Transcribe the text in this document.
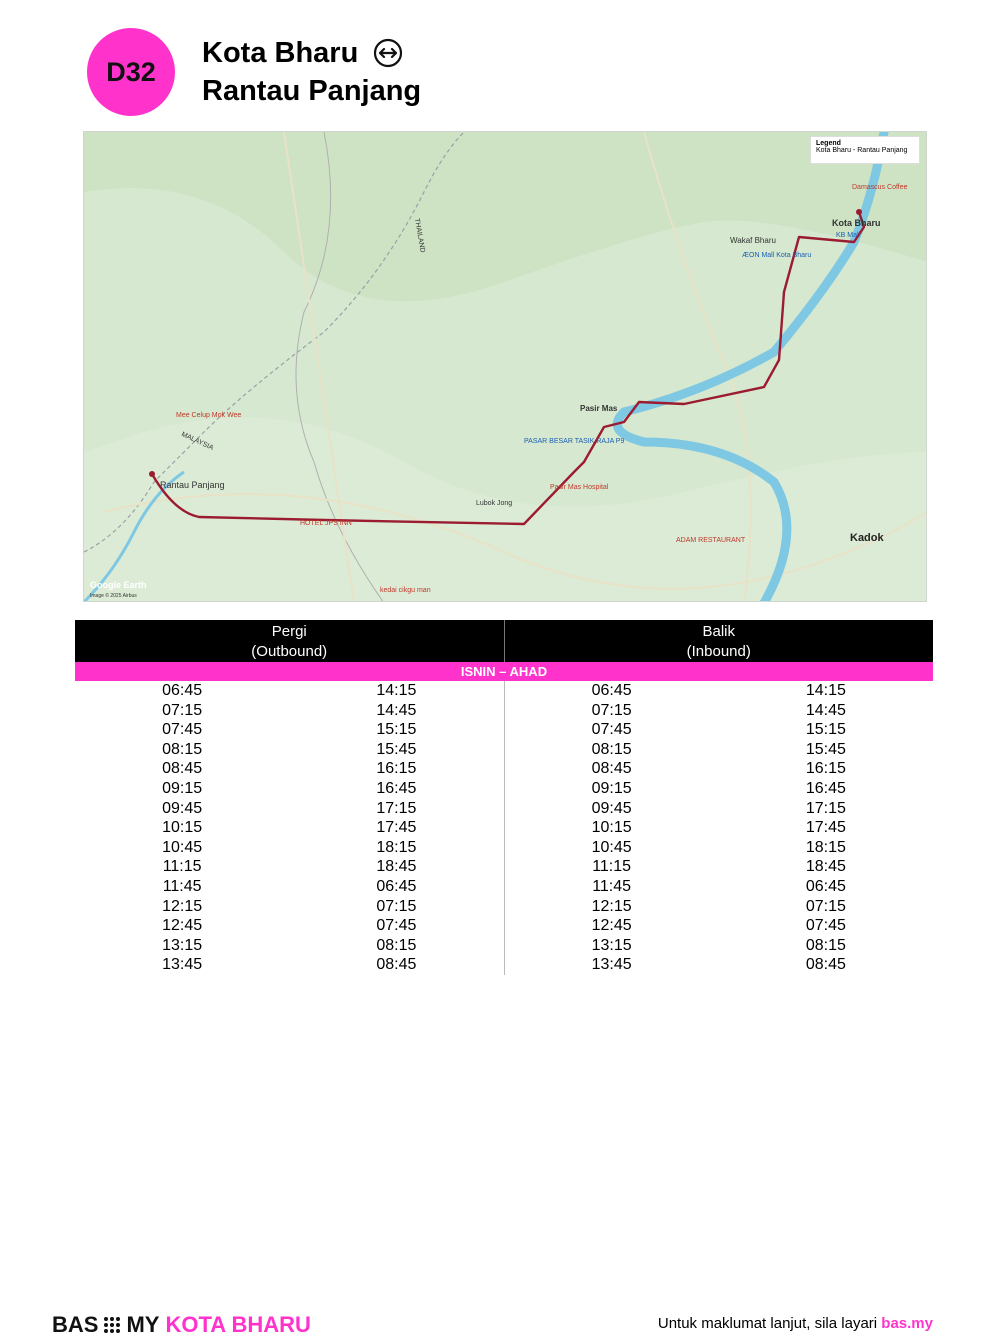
D32
Kota Bharu
Rantau Panjang
Legend
Kota Bharu - Rantau Panjang
Kota Bharu
Rantau Panjang
Pasir Mas
Kadok
Wakaf Bharu
Lubok Jong
THAILAND
MALAYSIA
Pasir Mas Hospital
PASAR BESAR TASIK RAJA P9
Mee Celup Mok Wee
Damascus Coffee
ÆON Mall Kota Bharu
KB Mall
ADAM RESTAURANT
kedai cikgu man
HOTEL JPS INN
Google Earth
Image © 2025 Airbus
Pergi
(Outbound)
Balik
(Inbound)
ISNIN – AHAD
06:45
07:15
07:45
08:15
08:45
09:15
09:45
10:15
10:45
11:15
11:45
12:15
12:45
13:15
13:45
14:15
14:45
15:15
15:45
16:15
16:45
17:15
17:45
18:15
18:45
06:45
07:15
07:45
08:15
08:45
06:45
07:15
07:45
08:15
08:45
09:15
09:45
10:15
10:45
11:15
11:45
12:15
12:45
13:15
13:45
14:15
14:45
15:15
15:45
16:15
16:45
17:15
17:45
18:15
18:45
06:45
07:15
07:45
08:15
08:45
BAS MY KOTA BHARU	Untuk maklumat lanjut, sila layari bas.my
